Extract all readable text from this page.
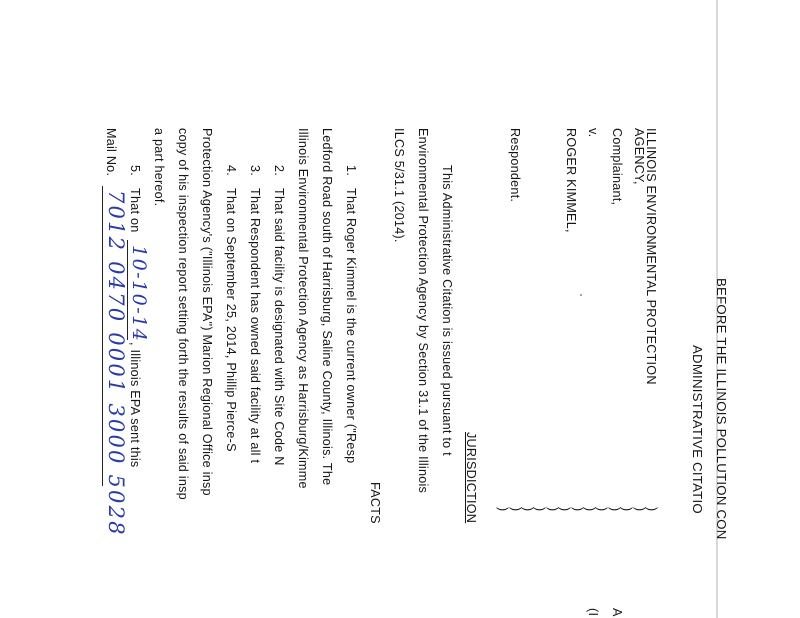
BEFORE THE ILLINOIS POLLUTION CON
ADMINISTRATIVE CITATIO
ILLINOIS ENVIRONMENTAL PROTECTION
AGENCY,
Complainant,
v.
ROGER KIMMEL,
Respondent.
)
)
)
)
)
)
)
)
)
)
)
)
)
A
(I
JURISDICTION
This Administrative Citation is issued pursuant to t
Environmental Protection Agency by Section 31.1 of the Illinois
ILCS 5/31.1 (2014).
FACTS
1.
That Roger Kimmel is the current owner ("Resp
Ledford Road south of Harrisburg, Saline County, Illinois. The
Illinois Environmental Protection Agency as Harrisburg/Kimme
2.
That said facility is designated with Site Code N
3.
That Respondent has owned said facility at all t
4.
That on September 25, 2014, Phillip Pierce-S
Protection Agency's ("Illinois EPA") Marion Regional Office insp
copy of his inspection report setting forth the results of said insp
a part hereof.
5.
That on
10-10-14
, Illinois EPA sent this
Mail No.
7012 0470 0001 3000 5028
